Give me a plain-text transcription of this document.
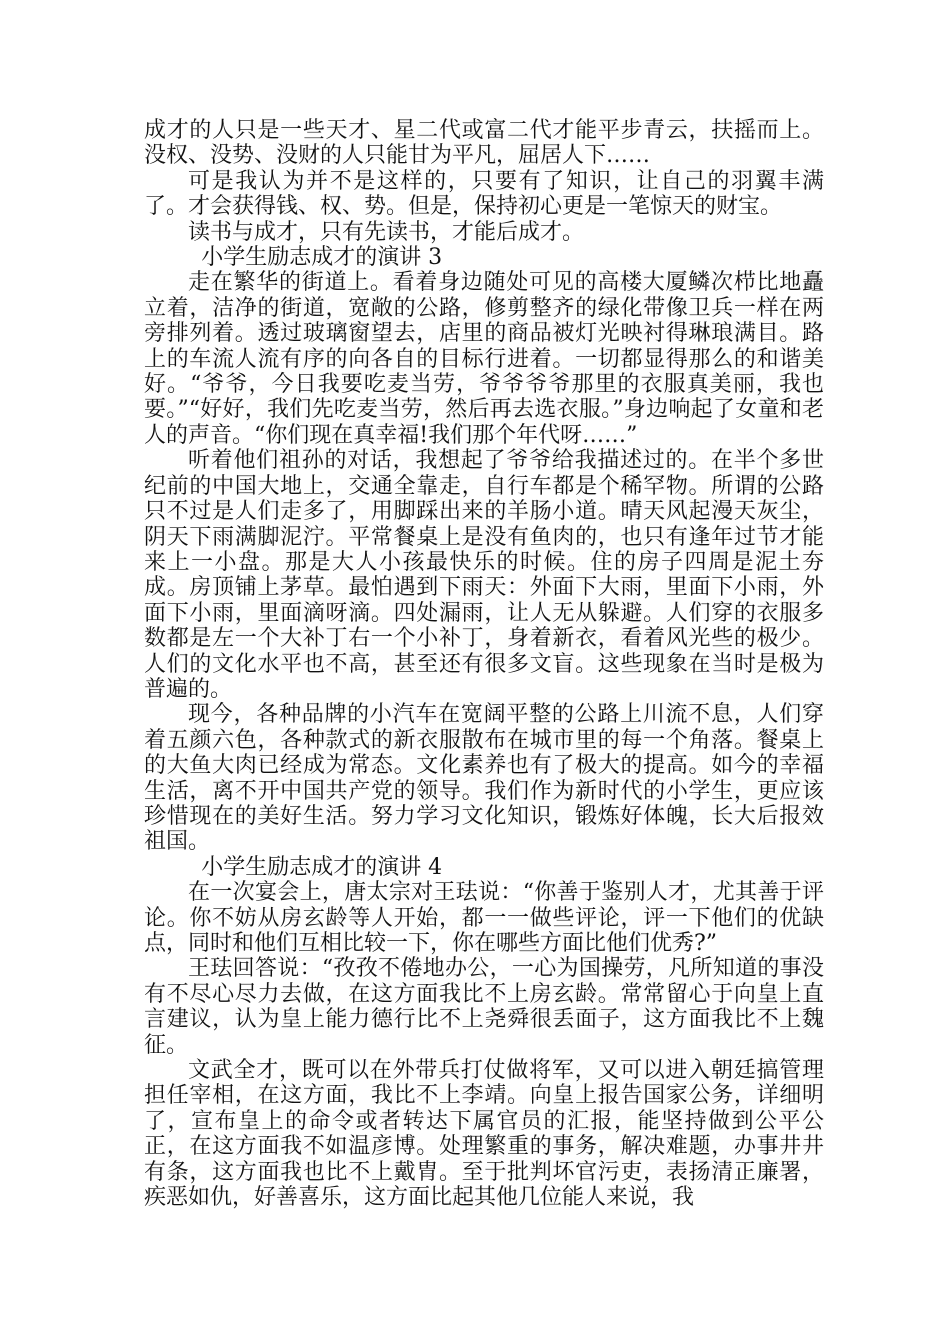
成才的人只是一些天才、星二代或富二代才能平步青云，扶摇而上。没权、没势、没财的人只能甘为平凡，屈居人下……

可是我认为并不是这样的，只要有了知识，让自己的羽翼丰满了。才会获得钱、权、势。但是，保持初心更是一笔惊天的财宝。

读书与成才，只有先读书，才能后成才。

小学生励志成才的演讲 3

走在繁华的街道上。看着身边随处可见的高楼大厦鳞次栉比地矗立着，洁净的街道，宽敞的公路，修剪整齐的绿化带像卫兵一样在两旁排列着。透过玻璃窗望去，店里的商品被灯光映衬得琳琅满目。路上的车流人流有序的向各自的目标行进着。一切都显得那么的和谐美好。“爷爷，今日我要吃麦当劳，爷爷爷爷那里的衣服真美丽，我也要。”“好好，我们先吃麦当劳，然后再去选衣服。”身边响起了女童和老人的声音。“你们现在真幸福!我们那个年代呀……”

听着他们祖孙的对话，我想起了爷爷给我描述过的。在半个多世纪前的中国大地上，交通全靠走，自行车都是个稀罕物。所谓的公路只不过是人们走多了，用脚踩出来的羊肠小道。晴天风起漫天灰尘，阴天下雨满脚泥泞。平常餐桌上是没有鱼肉的，也只有逢年过节才能来上一小盘。那是大人小孩最快乐的时候。住的房子四周是泥土夯成。房顶铺上茅草。最怕遇到下雨天：外面下大雨，里面下小雨，外面下小雨，里面滴呀滴。四处漏雨，让人无从躲避。人们穿的衣服多数都是左一个大补丁右一个小补丁，身着新衣，看着风光些的极少。人们的文化水平也不高，甚至还有很多文盲。这些现象在当时是极为普遍的。

现今，各种品牌的小汽车在宽阔平整的公路上川流不息，人们穿着五颜六色，各种款式的新衣服散布在城市里的每一个角落。餐桌上的大鱼大肉已经成为常态。文化素养也有了极大的提高。如今的幸福生活，离不开中国共产党的领导。我们作为新时代的小学生，更应该珍惜现在的美好生活。努力学习文化知识，锻炼好体魄，长大后报效祖国。

小学生励志成才的演讲 4

在一次宴会上，唐太宗对王珐说：“你善于鉴别人才，尤其善于评论。你不妨从房玄龄等人开始，都一一做些评论，评一下他们的优缺点，同时和他们互相比较一下，你在哪些方面比他们优秀?”

王珐回答说：“孜孜不倦地办公，一心为国操劳，凡所知道的事没有不尽心尽力去做，在这方面我比不上房玄龄。常常留心于向皇上直言建议，认为皇上能力德行比不上尧舜很丢面子，这方面我比不上魏征。

文武全才，既可以在外带兵打仗做将军，又可以进入朝廷搞管理担任宰相，在这方面，我比不上李靖。向皇上报告国家公务，详细明了，宣布皇上的命令或者转达下属官员的汇报，能坚持做到公平公正，在这方面我不如温彦博。处理繁重的事务，解决难题，办事井井有条，这方面我也比不上戴胄。至于批判坏官污吏，表扬清正廉署，疾恶如仇，好善喜乐，这方面比起其他几位能人来说，我
